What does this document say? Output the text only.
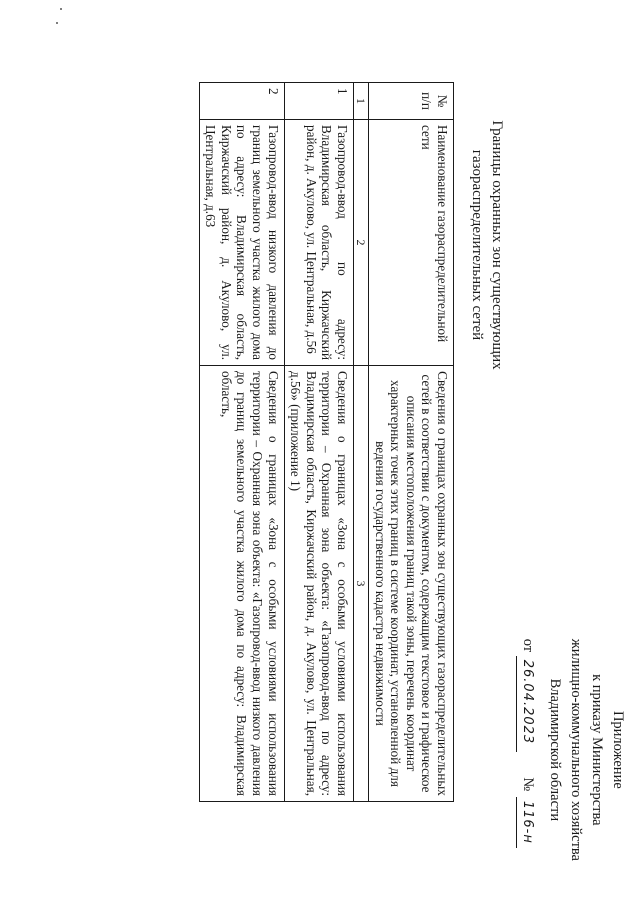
Приложение
к приказу Министерства
жилищно-коммунального хозяйства
Владимирской области
от 26.04.2023 № 116-н
Границы охранных зон существующих
газораспределительных сетей
№ п/п	Наименование газораспределительной сети	Сведения о границах охранных зон существующих газораспределительных сетей в соответствии с документом, содержащим текстовое и графическое описания местоположения границ такой зоны, перечень координат характерных точек этих границ в системе координат, установленной для ведения государственного кадастра недвижимости
1	2	3
1	Газопровод-ввод по адресу: Владимирская область, Киржачский район, д. Акулово, ул. Центральная, д.56	Сведения о границах «Зона с особыми условиями использования территории – Охранная зона объекта: «Газопровод-ввод по адресу: Владимирская область, Киржачский район, д. Акулово, ул. Центральная, д.56» (приложение 1)
2	Газопровод-ввод низкого давления до границ земельного участка жилого дома по адресу: Владимирская область, Киржачский район, д. Акулово, ул. Центральная, д.63	Сведения о границах «Зона с особыми условиями использования территории – Охранная зона объекта: «Газопровод-ввод низкого давления до границ земельного участка жилого дома по адресу: Владимирская область,
